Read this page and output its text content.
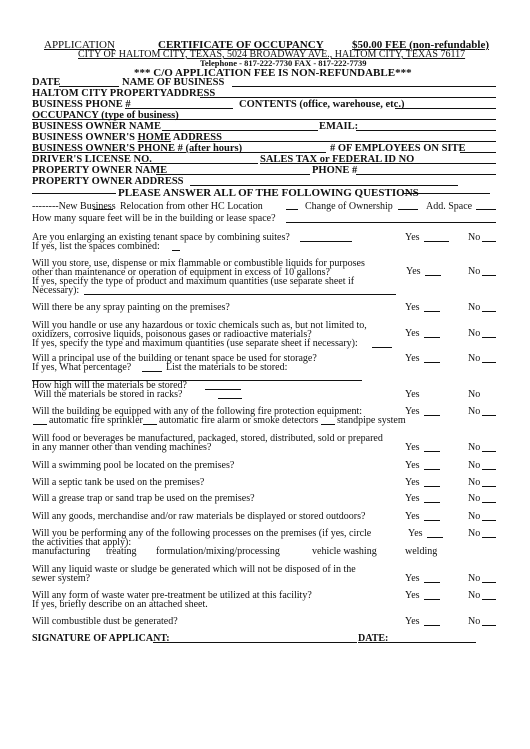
APPLICATION	CERTIFICATE OF OCCUPANCY	$50.00 FEE (non-refundable)
CITY OF HALTOM CITY, TEXAS, 5024 BROADWAY AVE., HALTOM CITY, TEXAS 76117
Telephone - 817-222-7730 FAX - 817-222-7739
*** C/O APPLICATION FEE IS NON-REFUNDABLE***
DATE	NAME OF BUSINESS
HALTOM CITY PROPERTYADDRESS
BUSINESS PHONE #	CONTENTS (office, warehouse, etc.)
OCCUPANCY (type of business)
BUSINESS OWNER NAME	EMAIL:
BUSINESS OWNER'S HOME ADDRESS
BUSINESS OWNER'S PHONE # (after hours)	# OF EMPLOYEES ON SITE
DRIVER'S LICENSE NO.	SALES TAX or FEDERAL ID NO
PROPERTY OWNER NAME	PHONE #
PROPERTY OWNER ADDRESS
PLEASE ANSWER ALL OF THE FOLLOWING QUESTIONS
--------New Business Relocation from other HC Location	Change of Ownership	Add. Space
How many square feet will be in the building or lease space?
Are you enlarging an existing tenant space by combining suites?
If yes, list the spaces combined:
Yes	No
Will you store, use, dispense or mix flammable or combustible liquids for purposes
other than maintenance or operation of equipment in excess of 10 gallons?
If yes, specify the type of product and maximum quantities (use separate sheet if
Necessary):
Yes	No
Will there be any spray painting on the premises?	Yes	No
Will you handle or use any hazardous or toxic chemicals such as, but not limited to,
oxidizers, corrosive liquids, poisonous gases or radioactive materials?
If yes, specify the type and maximum quantities (use separate sheet if necessary):
Yes	No
Will a principal use of the building or tenant space be used for storage?
If yes, What percentage?	List the materials to be stored:
Yes	No
How high will the materials be stored?
Will the materials be stored in racks?	Yes	No
Will the building be equipped with any of the following fire protection equipment:
automatic fire sprinkler automatic fire alarm or smoke detectors standpipe system
Yes	No
Will food or beverages be manufactured, packaged, stored, distributed, sold or prepared
in any manner other than vending machines?	Yes	No
Will a swimming pool be located on the premises?	Yes	No
Will a septic tank be used on the premises?	Yes	No
Will a grease trap or sand trap be used on the premises?	Yes	No
Will any goods, merchandise and/or raw materials be displayed or stored outdoors?	Yes	No
Will you be performing any of the following processes on the premises (if yes, circle
the activities that apply):
manufacturing treating formulation/mixing/processing	vehicle washing	welding
Yes	No
Will any liquid waste or sludge be generated which will not be disposed of in the
sewer system?	Yes	No
Will any form of waste water pre-treatment be utilized at this facility?
If yes, briefly describe on an attached sheet.
Yes	No
Will combustible dust be generated?	Yes	No
SIGNATURE OF APPLICANT:	DATE:
